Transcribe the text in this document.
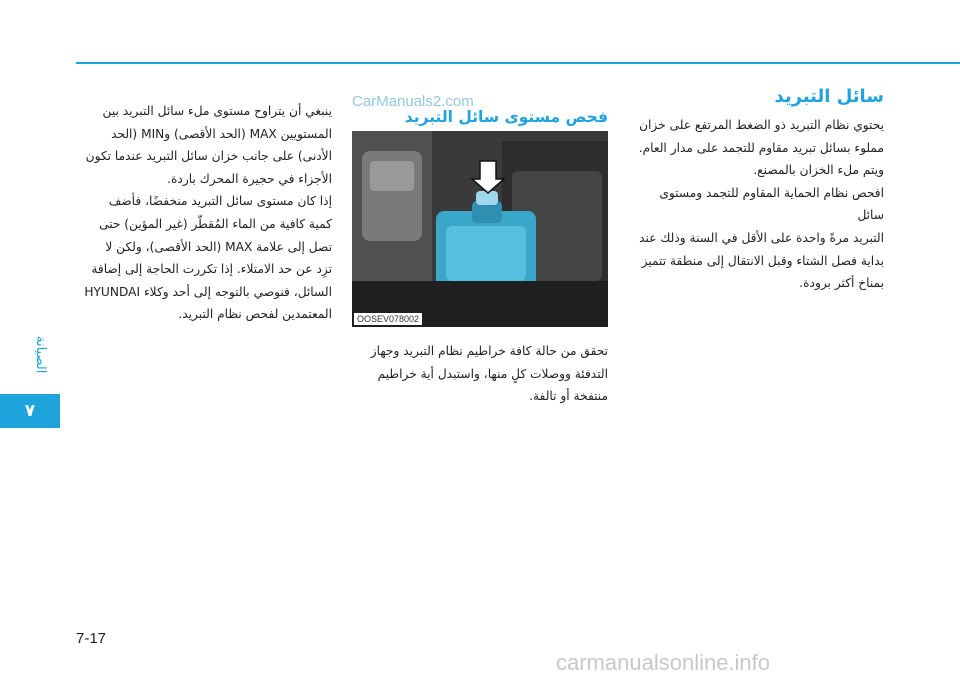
الصيانة
٧
CarManuals2.com	سائل التبريد

يحتوي نظام التبريد ذو الضغط المرتفع على خزان

مملوء بسائل تبريد مقاوم للتجمد على مدار العام.

ويتم ملء الخزان بالمصنع.

افحص نظام الحماية المقاوم للتجمد ومستوى سائل

التبريد مرةً واحدة على الأقل في السنة وذلك عند

بداية فصل الشتاء وقبل الانتقال إلى منطقة تتميز

بمناخ أكثر برودة.

فحص مستوى سائل التبريد
OOSEV078002

تحقق من حالة كافة خراطيم نظام التبريد وجهاز

التدفئة ووصلات كلٍ منها، واستبدل أية خراطيم

منتفخة أو تالفة.

ينبغي أن يتراوح مستوى ملء سائل التبريد بين

المستويين MAX (الحد الأقصى) وMIN (الحد

الأدنى) على جانب خزان سائل التبريد عندما تكون

الأجزاء في حجيرة المحرك باردة.

إذا كان مستوى سائل التبريد منخفضًا، فأضف

كمية كافية من الماء المُقطّر (غير المؤين) حتى

تصل إلى علامة MAX (الحد الأقصى)، ولكن لا

تزِد عن حد الامتلاء. إذا تكررت الحاجة إلى إضافة

السائل، فنوصي بالتوجه إلى أحد وكلاء HYUNDAI

المعتمدين لفحص نظام التبريد.

7-17
carmanualsonline.info
